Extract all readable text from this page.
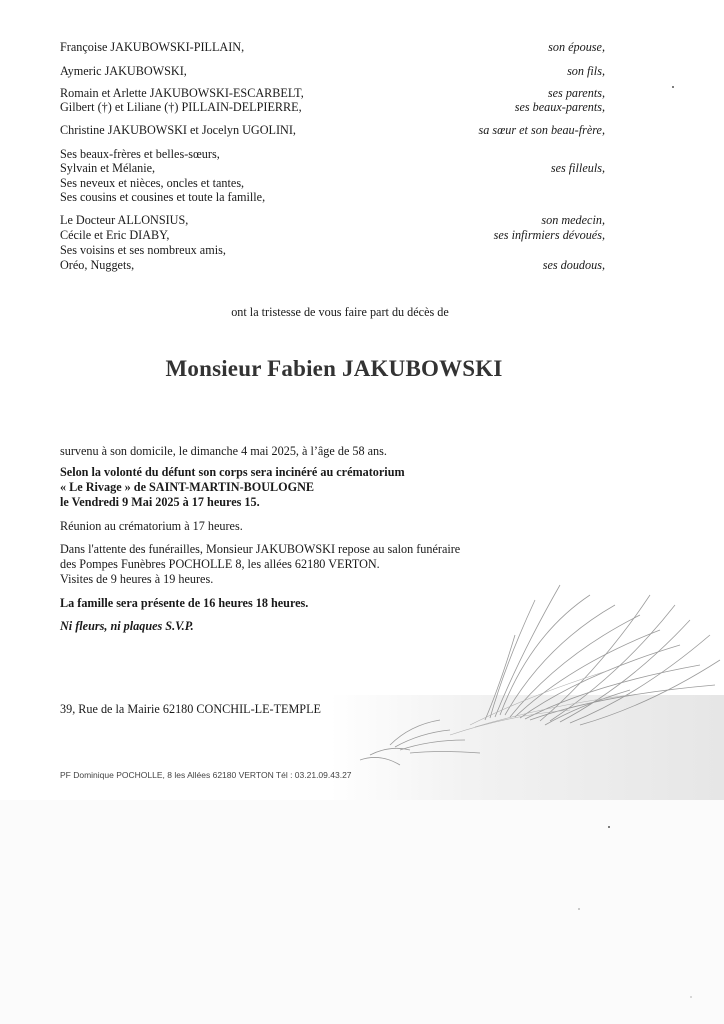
Françoise JAKUBOWSKI-PILLAIN,	son épouse,
Aymeric JAKUBOWSKI,	son fils,
Romain et Arlette JAKUBOWSKI-ESCARBELT,	ses parents,
Gilbert (†) et Liliane (†) PILLAIN-DELPIERRE,	ses beaux-parents,
Christine JAKUBOWSKI et Jocelyn UGOLINI,	sa sœur et son beau-frère,
Ses beaux-frères et belles-sœurs,
Sylvain et Mélanie,	ses filleuls,
Ses neveux et nièces, oncles et tantes,
Ses cousins et cousines et toute la famille,
Le Docteur ALLONSIUS,	son medecin,
Cécile et Eric DIABY,	ses infirmiers dévoués,
Ses voisins et ses nombreux amis,
Oréo, Nuggets,	ses doudous,
ont la tristesse de vous faire part du décès de
Monsieur Fabien JAKUBOWSKI
survenu à son domicile, le dimanche 4 mai 2025, à l’âge de 58 ans.
Selon la volonté du défunt son corps sera incinéré au crématorium
« Le Rivage » de SAINT-MARTIN-BOULOGNE
le Vendredi 9 Mai 2025 à 17 heures 15.
Réunion au crématorium à 17 heures.
Dans l'attente des funérailles, Monsieur JAKUBOWSKI repose au salon funéraire
des Pompes Funèbres POCHOLLE 8, les allées 62180 VERTON.
Visites de 9 heures à 19 heures.
La famille sera présente de 16 heures 18 heures.
Ni fleurs, ni plaques S.V.P.
39, Rue de la Mairie 62180 CONCHIL-LE-TEMPLE
PF Dominique POCHOLLE, 8 les Allées 62180 VERTON Tél : 03.21.09.43.27
